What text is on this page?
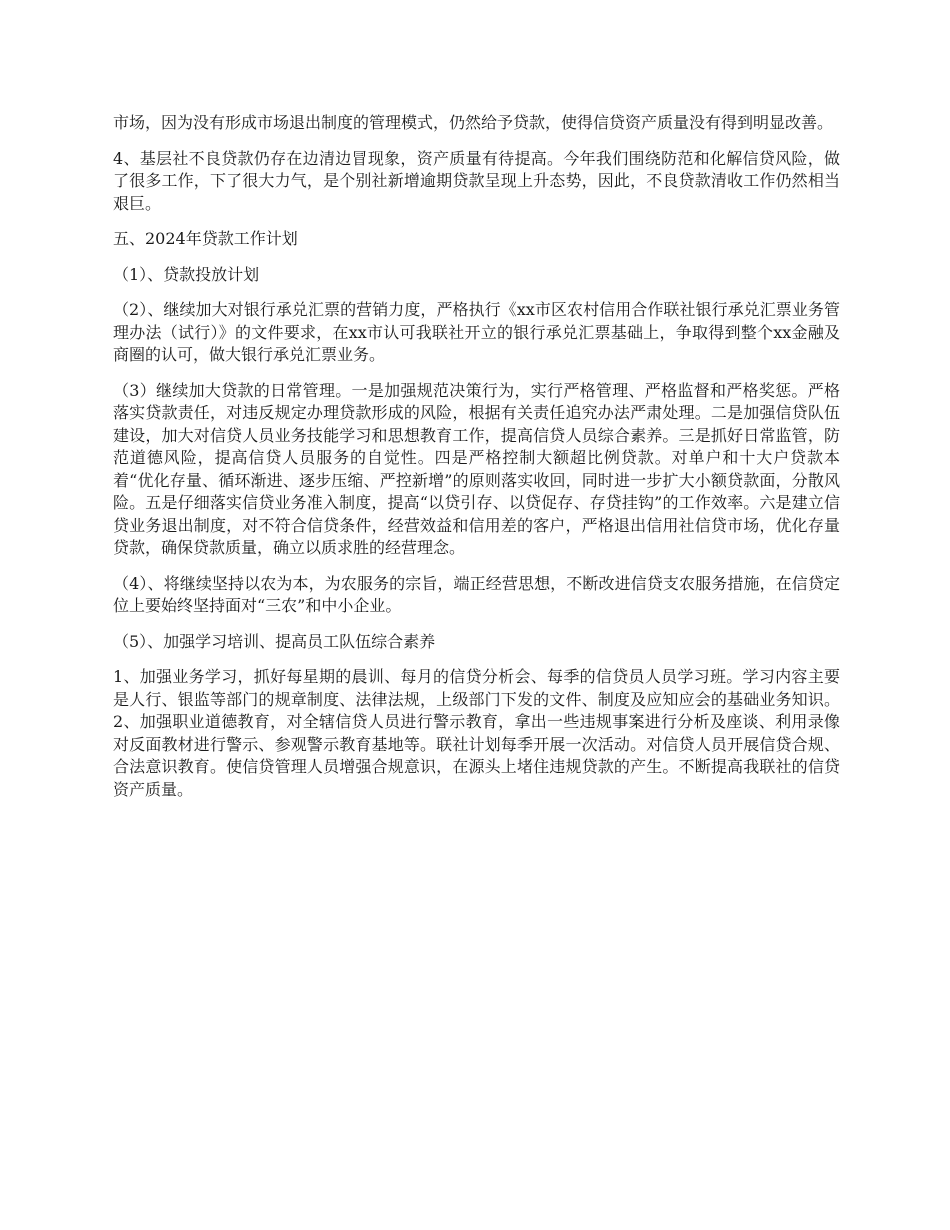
市场，因为没有形成市场退出制度的管理模式，仍然给予贷款，使得信贷资产质量没有得到明显改善。

4、基层社不良贷款仍存在边清边冒现象，资产质量有待提高。今年我们围绕防范和化解信贷风险，做了很多工作，下了很大力气，是个别社新增逾期贷款呈现上升态势，因此，不良贷款清收工作仍然相当艰巨。

五、2024年贷款工作计划

（1）、贷款投放计划

（2）、继续加大对银行承兑汇票的营销力度，严格执行《xx市区农村信用合作联社银行承兑汇票业务管理办法（试行）》的文件要求，在xx市认可我联社开立的银行承兑汇票基础上，争取得到整个xx金融及商圈的认可，做大银行承兑汇票业务。

（3）继续加大贷款的日常管理。一是加强规范决策行为，实行严格管理、严格监督和严格奖惩。严格落实贷款责任，对违反规定办理贷款形成的风险，根据有关责任追究办法严肃处理。二是加强信贷队伍建设，加大对信贷人员业务技能学习和思想教育工作，提高信贷人员综合素养。三是抓好日常监管，防范道德风险，提高信贷人员服务的自觉性。四是严格控制大额超比例贷款。对单户和十大户贷款本着“优化存量、循环渐进、逐步压缩、严控新增”的原则落实收回，同时进一步扩大小额贷款面，分散风险。五是仔细落实信贷业务准入制度，提高“以贷引存、以贷促存、存贷挂钩”的工作效率。六是建立信贷业务退出制度，对不符合信贷条件，经营效益和信用差的客户，严格退出信用社信贷市场，优化存量贷款，确保贷款质量，确立以质求胜的经营理念。

（4）、将继续坚持以农为本，为农服务的宗旨，端正经营思想，不断改进信贷支农服务措施，在信贷定位上要始终坚持面对“三农”和中小企业。

（5）、加强学习培训、提高员工队伍综合素养

1、加强业务学习，抓好每星期的晨训、每月的信贷分析会、每季的信贷员人员学习班。学习内容主要是人行、银监等部门的规章制度、法律法规，上级部门下发的文件、制度及应知应会的基础业务知识。2、加强职业道德教育，对全辖信贷人员进行警示教育，拿出一些违规事案进行分析及座谈、利用录像对反面教材进行警示、参观警示教育基地等。联社计划每季开展一次活动。对信贷人员开展信贷合规、合法意识教育。使信贷管理人员增强合规意识，在源头上堵住违规贷款的产生。不断提高我联社的信贷资产质量。
